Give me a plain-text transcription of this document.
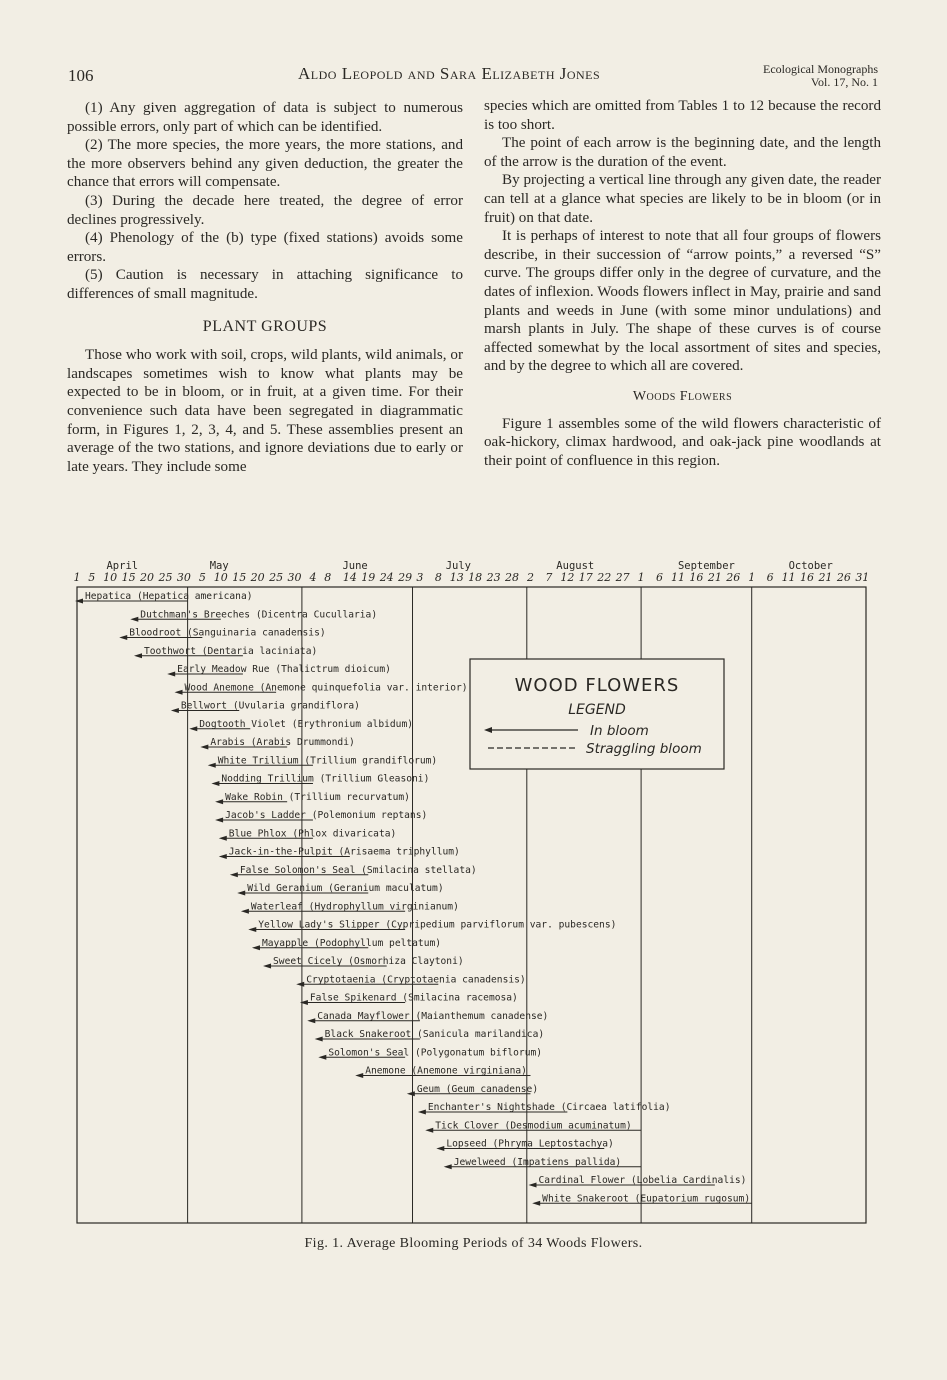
106	Aldo Leopold and Sara Elizabeth Jones	Ecological Monographs
Vol. 17, No. 1

(1) Any given aggregation of data is subject to numerous possible errors, only part of which can be identified.

(2) The more species, the more years, the more stations, and the more observers behind any given deduction, the greater the chance that errors will compensate.

(3) During the decade here treated, the degree of error declines progressively.

(4) Phenology of the (b) type (fixed stations) avoids some errors.

(5) Caution is necessary in attaching significance to differences of small magnitude.

PLANT GROUPS

Those who work with soil, crops, wild plants, wild animals, or landscapes sometimes wish to know what plants may be expected to be in bloom, or in fruit, at a given time. For their convenience such data have been segregated in diagrammatic form, in Figures 1, 2, 3, 4, and 5. These assemblies present an average of the two stations, and ignore deviations due to early or late years. They include some

species which are omitted from Tables 1 to 12 because the record is too short.

The point of each arrow is the beginning date, and the length of the arrow is the duration of the event.

By projecting a vertical line through any given date, the reader can tell at a glance what species are likely to be in bloom (or in fruit) on that date.

It is perhaps of interest to note that all four groups of flowers describe, in their succession of “arrow points,” a reversed “S” curve. The groups differ only in the degree of curvature, and the dates of inflexion. Woods flowers inflect in May, prairie and sand plants and weeds in June (with some minor undulations) and marsh plants in July. The shape of these curves is of course affected somewhat by the local assortment of sites and species, and by the degree to which all are covered.

Woods Flowers

Figure 1 assembles some of the wild flowers characteristic of oak-hickory, climax hardwood, and oak-jack pine woodlands at their point of confluence in this region.

April	May	June	July	August	September	October
1 5 10 15 20 25 30 5 10 15 20 25 30 4 8 14 19 24 29 3 8 13 18 23 28 2 7 12 17 22 27 1 6 11 16 21 26 1 6 11 16 21 26 31
Hepatica (Hepatica americana)
Dutchman's Breeches (Dicentra Cucullaria)
Bloodroot (Sanguinaria canadensis)
Toothwort (Dentaria laciniata)
Early Meadow Rue (Thalictrum dioicum)
Wood Anemone (Anemone quinquefolia var. interior)
Bellwort (Uvularia grandiflora)
Dogtooth Violet (Erythronium albidum)
Arabis (Arabis Drummondi)
White Trillium (Trillium grandiflorum)
Nodding Trillium (Trillium Gleasoni)
Wake Robin (Trillium recurvatum)
Jacob's Ladder (Polemonium reptans)
Blue Phlox (Phlox divaricata)
Jack-in-the-Pulpit (Arisaema triphyllum)
False Solomon's Seal (Smilacina stellata)
Wild Geranium (Geranium maculatum)
Waterleaf (Hydrophyllum virginianum)
Yellow Lady's Slipper (Cypripedium parviflorum var. pubescens)
Mayapple (Podophyllum peltatum)
Sweet Cicely (Osmorhiza Claytoni)
Cryptotaenia (Cryptotaenia canadensis)
False Spikenard (Smilacina racemosa)
Canada Mayflower (Maianthemum canadense)
Black Snakeroot (Sanicula marilandica)
Solomon's Seal (Polygonatum biflorum)
Anemone (Anemone virginiana)
Geum (Geum canadense)
Enchanter's Nightshade (Circaea latifolia)
Tick Clover (Desmodium acuminatum)
Lopseed (Phryma Leptostachya)
Jewelweed (Impatiens pallida)
Cardinal Flower (Lobelia Cardinalis)
White Snakeroot (Eupatorium rugosum)
WOOD FLOWERS
LEGEND
In bloom
Straggling bloom
Fig. 1. Average Blooming Periods of 34 Woods Flowers.
